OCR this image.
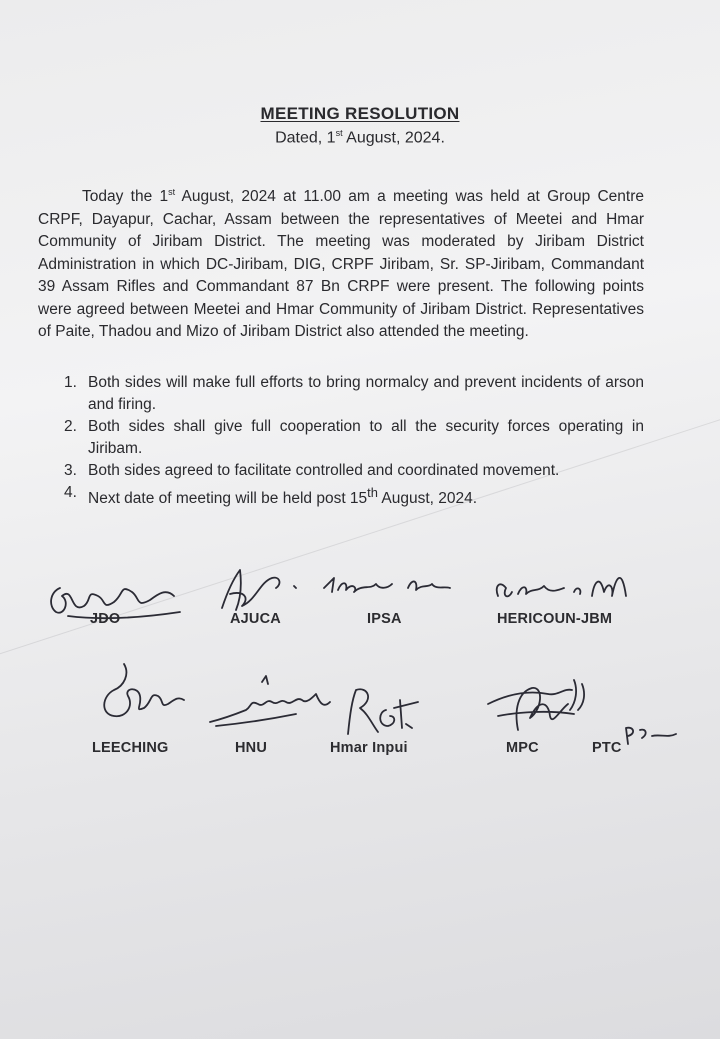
MEETING RESOLUTION
Dated, 1st August, 2024.
Today the 1st August, 2024 at 11.00 am a meeting was held at Group Centre CRPF, Dayapur, Cachar, Assam between the representatives of Meetei and Hmar Community of Jiribam District. The meeting was moderated by Jiribam District Administration in which DC-Jiribam, DIG, CRPF Jiribam, Sr. SP-Jiribam, Commandant 39 Assam Rifles and Commandant 87 Bn CRPF were present. The following points were agreed between Meetei and Hmar Community of Jiribam District. Representatives of Paite, Thadou and Mizo of Jiribam District also attended the meeting.
1. Both sides will make full efforts to bring normalcy and prevent incidents of arson and firing.
2. Both sides shall give full cooperation to all the security forces operating in Jiribam.
3. Both sides agreed to facilitate controlled and coordinated movement.
4. Next date of meeting will be held post 15th August, 2024.
JDO	AJUCA	IPSA	HERICOUN-JBM
LEECHING	HNU	Hmar Inpui	MPC	PTC
